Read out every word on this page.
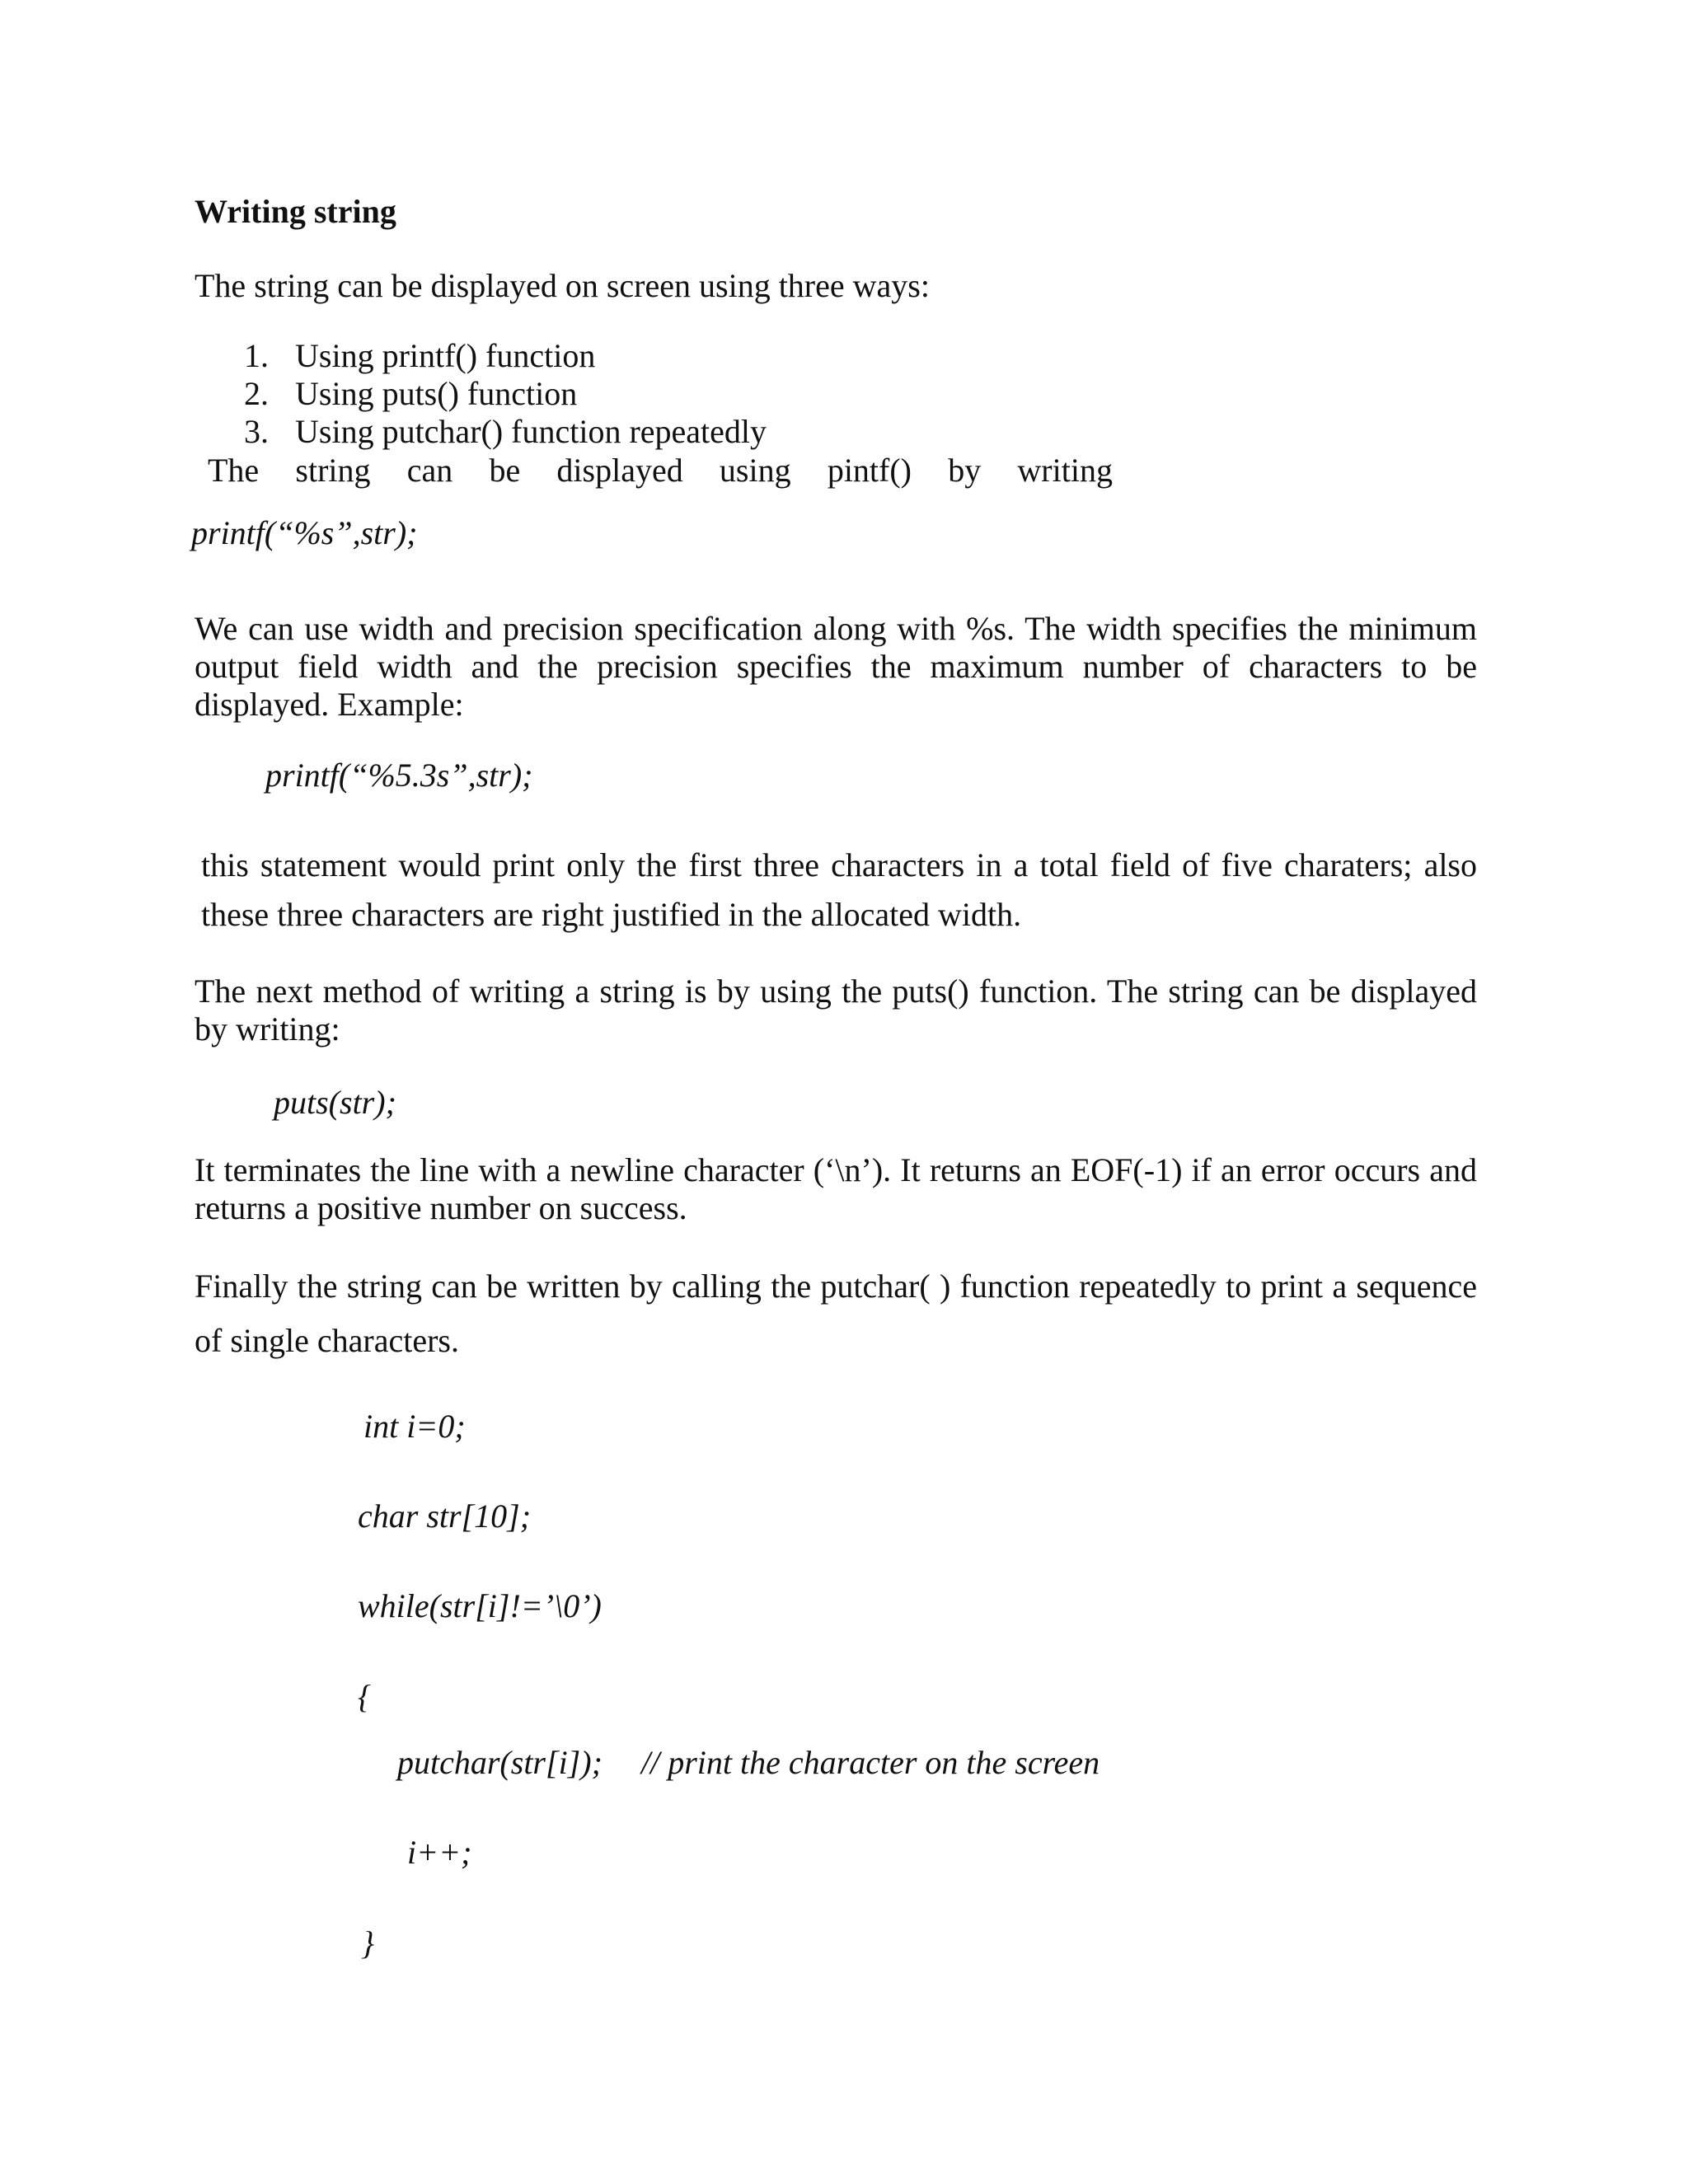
Writing string
The string can be displayed on screen using three ways:
1. Using printf() function
2. Using puts() function
3. Using putchar() function repeatedly
The string can be displayed using pintf() by writing
printf(“%s”,str);
We can use width and precision specification along with %s. The width specifies the minimum output field width and the precision specifies the maximum number of characters to be displayed. Example:
printf(“%5.3s”,str);
this statement would print only the first three characters in a total field of five charaters; also these three characters are right justified in the allocated width.
The next method of writing a string is by using the puts() function. The string can be displayed by writing:
puts(str);
It terminates the line with a newline character (‘\n’). It returns an EOF(-1) if an error occurs and returns a positive number on success.
Finally the string can be written by calling the putchar( ) function repeatedly to print a sequence of single characters.
int i=0;
char str[10];
while(str[i]!=’\0’)
{
putchar(str[i]); // print the character on the screen
i++;
}
